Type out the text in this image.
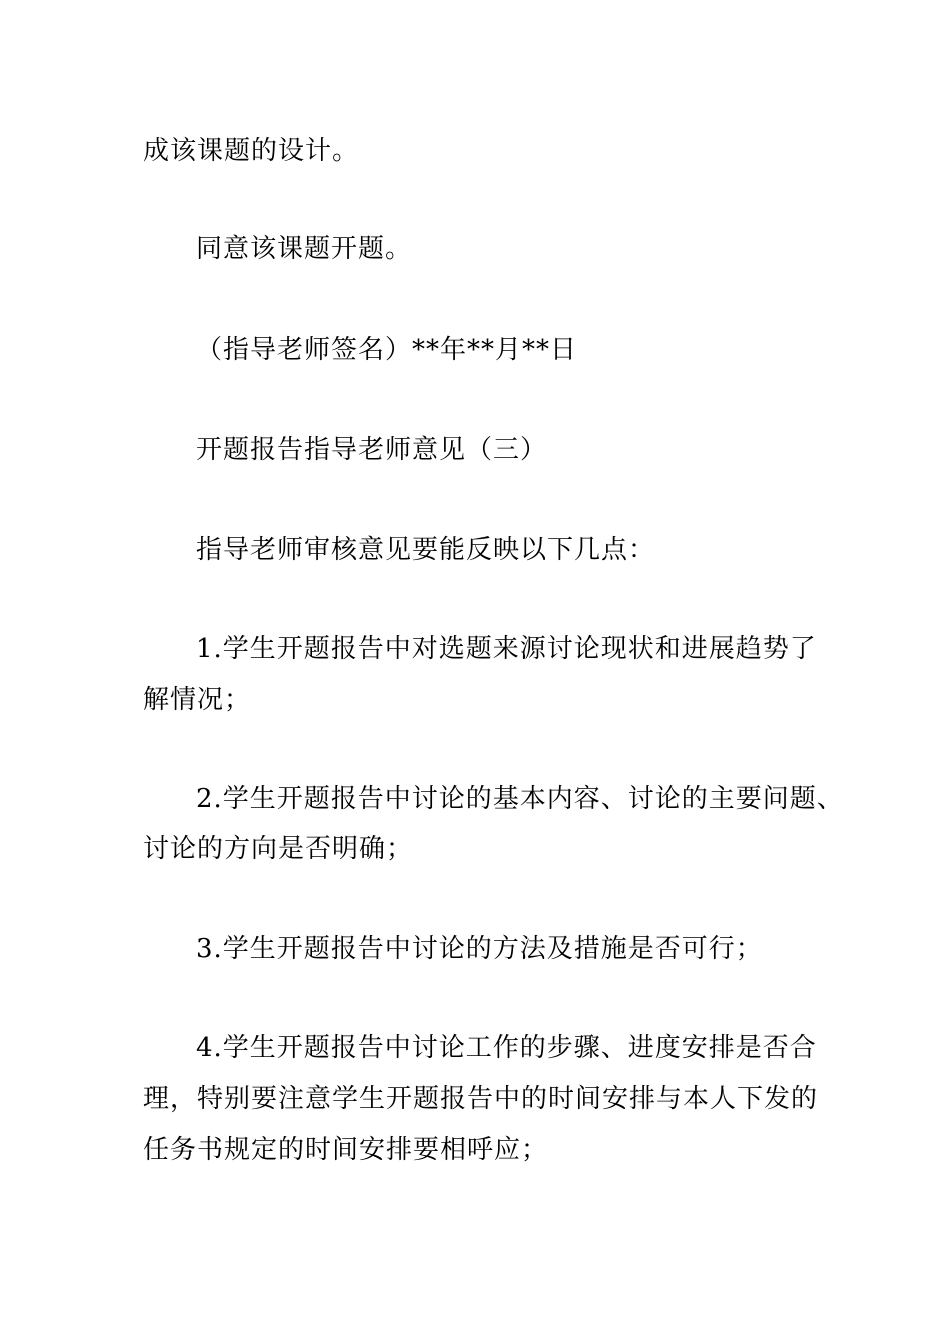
成该课题的设计。
同意该课题开题。
（指导老师签名）**年**月**日
开题报告指导老师意见（三）
指导老师审核意见要能反映以下几点：
1.学生开题报告中对选题来源讨论现状和进展趋势了
解情况；
2.学生开题报告中讨论的基本内容、讨论的主要问题、
讨论的方向是否明确；
3.学生开题报告中讨论的方法及措施是否可行；
4.学生开题报告中讨论工作的步骤、进度安排是否合
理，特别要注意学生开题报告中的时间安排与本人下发的
任务书规定的时间安排要相呼应；
